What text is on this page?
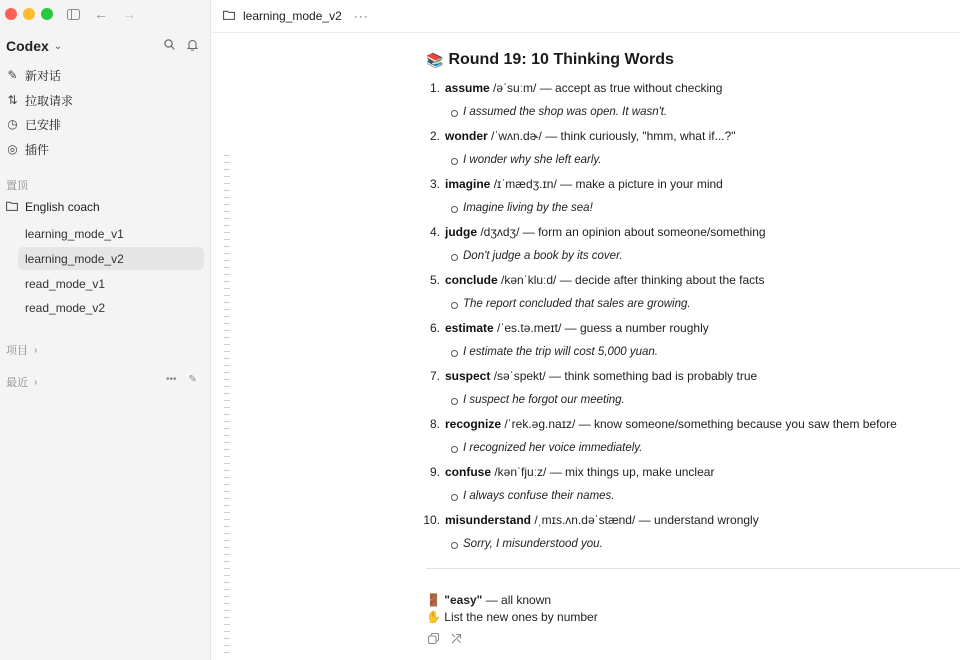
← →
Codex ⌄
✎ 新对话
⇅ 拉取请求
◷ 已安排
◎ 插件
置顶
English coach
learning_mode_v1
learning_mode_v2
read_mode_v1
read_mode_v2
项目 ›
最近 ›	••• ✎
learning_mode_v2 ···
📚 Round 19: 10 Thinking Words
1. assume /əˈsuːm/ — accept as true without checking
I assumed the shop was open. It wasn't.
2. wonder /ˈwʌn.dɚ/ — think curiously, "hmm, what if...?"
I wonder why she left early.
3. imagine /ɪˈmædʒ.ɪn/ — make a picture in your mind
Imagine living by the sea!
4. judge /dʒʌdʒ/ — form an opinion about someone/something
Don't judge a book by its cover.
5. conclude /kənˈkluːd/ — decide after thinking about the facts
The report concluded that sales are growing.
6. estimate /ˈes.tə.meɪt/ — guess a number roughly
I estimate the trip will cost 5,000 yuan.
7. suspect /səˈspekt/ — think something bad is probably true
I suspect he forgot our meeting.
8. recognize /ˈrek.əɡ.naɪz/ — know someone/something because you saw them before
I recognized her voice immediately.
9. confuse /kənˈfjuːz/ — mix things up, make unclear
I always confuse their names.
10. misunderstand /ˌmɪs.ʌn.dəˈstænd/ — understand wrongly
Sorry, I misunderstood you.
🚪 "easy" — all known
✋ List the new ones by number
